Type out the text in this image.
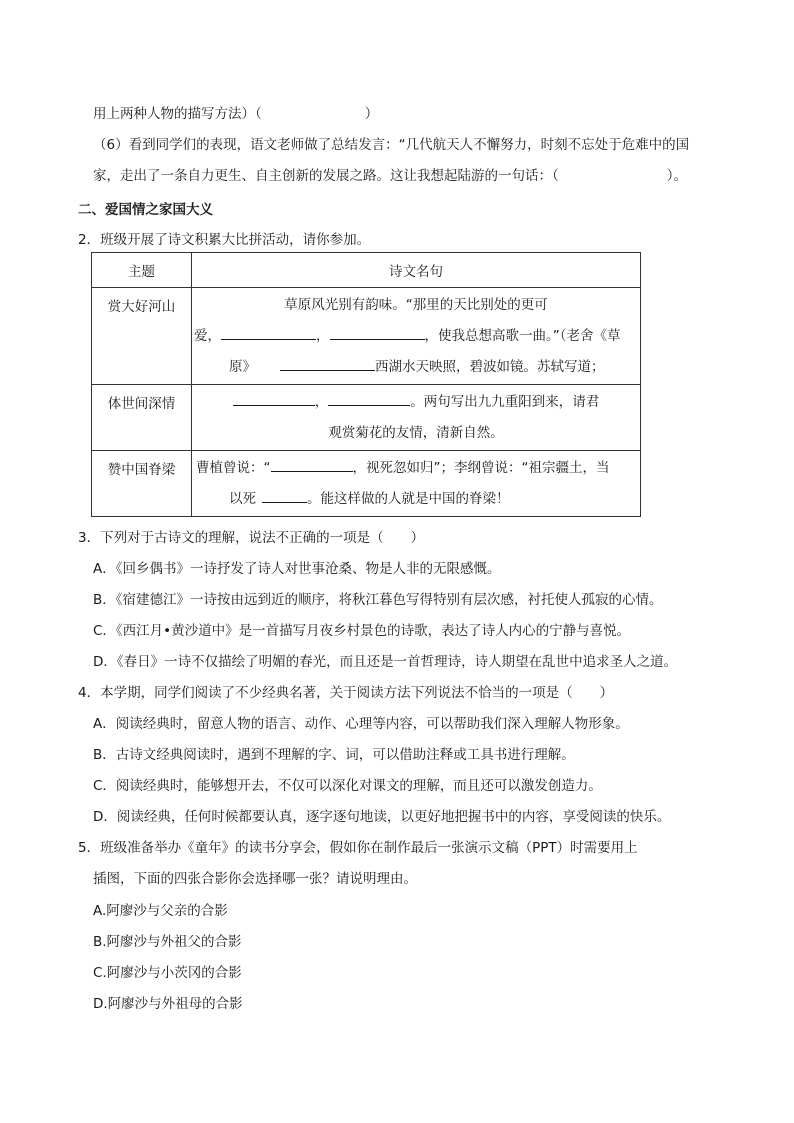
用上两种人物的描写方法）（	）
（6）看到同学们的表现，语文老师做了总结发言：“几代航天人不懈努力，时刻不忘处于危难中的国
家，走出了一条自力更生、自主创新的发展之路。这让我想起陆游的一句话：（	）。
二、爱国情之家国大义
2．班级开展了诗文积累大比拼活动，请你参加。
主题	诗文名句
赏大好河山	草原风光别有韵味。“那里的天比别处的更可
爱， ， ，使我总想高歌一曲。”（老舍《草
原》 西湖水天映照，碧波如镜。苏轼写道；

体世间深情	， 。两句写出九九重阳到来，请君
观赏菊花的友情，清新自然。

赞中国脊梁	曹植曾说：“ ，视死忽如归”；李纲曾说：“祖宗疆土，当
以死 。能这样做的人就是中国的脊梁！
3．下列对于古诗文的理解，说法不正确的一项是（　　）
A．《回乡偶书》一诗抒发了诗人对世事沧桑、物是人非的无限感慨。
B．《宿建德江》一诗按由远到近的顺序，将秋江暮色写得特别有层次感，衬托使人孤寂的心情。
C．《西江月•黄沙道中》是一首描写月夜乡村景色的诗歌，表达了诗人内心的宁静与喜悦。
D．《春日》一诗不仅描绘了明媚的春光，而且还是一首哲理诗，诗人期望在乱世中追求圣人之道。
4．本学期，同学们阅读了不少经典名著，关于阅读方法下列说法不恰当的一项是（　　）
A．阅读经典时，留意人物的语言、动作、心理等内容，可以帮助我们深入理解人物形象。
B．古诗文经典阅读时，遇到不理解的字、词，可以借助注释或工具书进行理解。
C．阅读经典时，能够想开去，不仅可以深化对课文的理解，而且还可以激发创造力。
D．阅读经典，任何时候都要认真，逐字逐句地读，以更好地把握书中的内容，享受阅读的快乐。
5．班级准备举办《童年》的读书分享会，假如你在制作最后一张演示文稿（PPT）时需要用上
插图，下面的四张合影你会选择哪一张？请说明理由。
A.阿廖沙与父亲的合影
B.阿廖沙与外祖父的合影
C.阿廖沙与小茨冈的合影
D.阿廖沙与外祖母的合影
